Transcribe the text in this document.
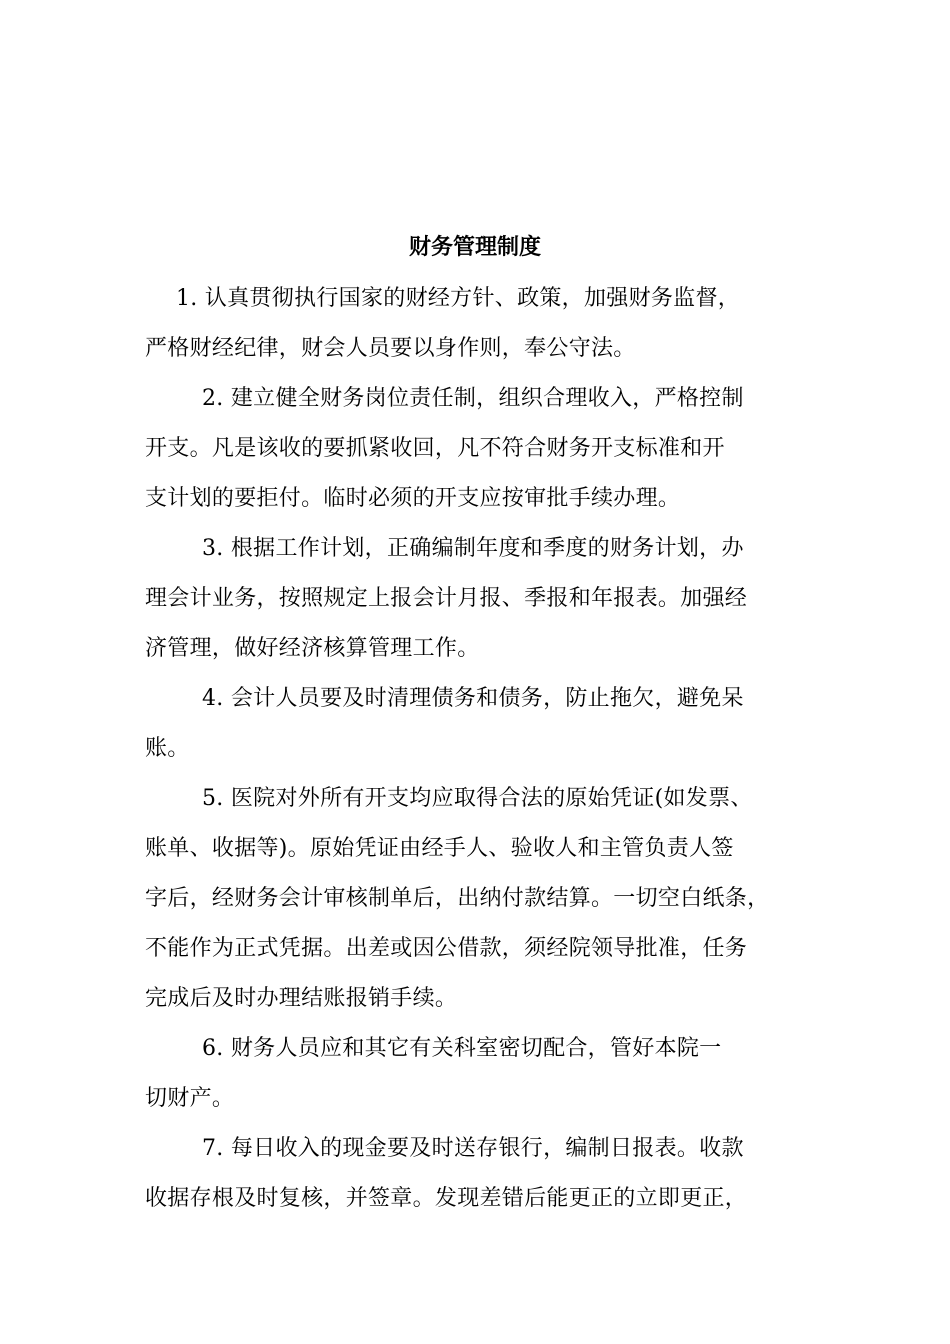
财务管理制度

1. 认真贯彻执行国家的财经方针、政策，加强财务监督，

严格财经纪律，财会人员要以身作则，奉公守法。

2. 建立健全财务岗位责任制，组织合理收入，严格控制

开支。凡是该收的要抓紧收回，凡不符合财务开支标准和开

支计划的要拒付。临时必须的开支应按审批手续办理。

3. 根据工作计划，正确编制年度和季度的财务计划，办

理会计业务，按照规定上报会计月报、季报和年报表。加强经

济管理，做好经济核算管理工作。

4. 会计人员要及时清理债务和债务，防止拖欠，避免呆

账。

5. 医院对外所有开支均应取得合法的原始凭证(如发票、

账单、收据等)。原始凭证由经手人、验收人和主管负责人签

字后，经财务会计审核制单后，出纳付款结算。一切空白纸条，

不能作为正式凭据。出差或因公借款，须经院领导批准，任务

完成后及时办理结账报销手续。

6. 财务人员应和其它有关科室密切配合，管好本院一

切财产。

7. 每日收入的现金要及时送存银行，编制日报表。收款

收据存根及时复核，并签章。发现差错后能更正的立即更正，
